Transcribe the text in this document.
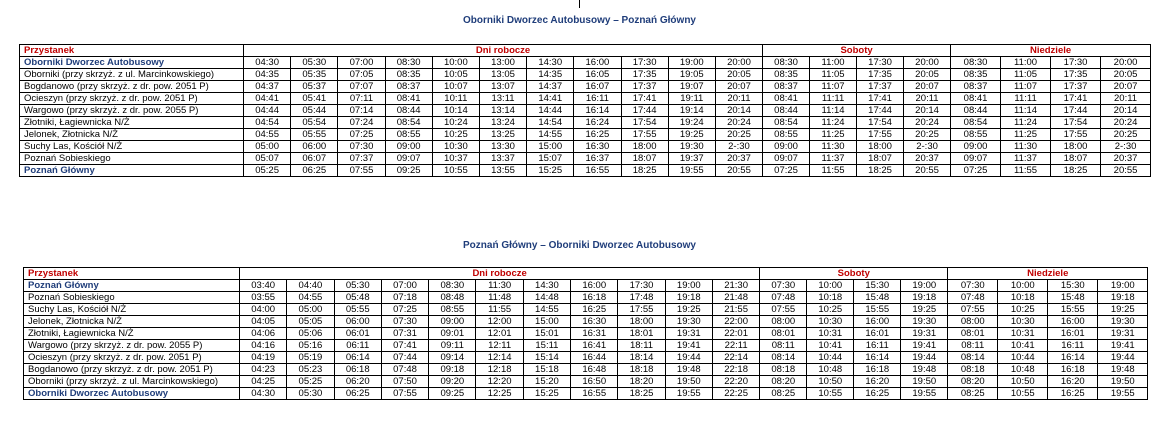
Oborniki Dworzec Autobusowy – Poznań Główny
Przystanek	Dni robocze											Soboty				Niedziele			
Oborniki Dworzec Autobusowy	04:30	05:30	07:00	08:30	10:00	13:00	14:30	16:00	17:30	19:00	20:00	08:30	11:00	17:30	20:00	08:30	11:00	17:30	20:00
Oborniki (przy skrzyż. z ul. Marcinkowskiego)	04:35	05:35	07:05	08:35	10:05	13:05	14:35	16:05	17:35	19:05	20:05	08:35	11:05	17:35	20:05	08:35	11:05	17:35	20:05
Bogdanowo (przy skrzyż. z dr. pow. 2051 P)	04:37	05:37	07:07	08:37	10:07	13:07	14:37	16:07	17:37	19:07	20:07	08:37	11:07	17:37	20:07	08:37	11:07	17:37	20:07
Ocieszyn (przy skrzyż. z dr. pow. 2051 P)	04:41	05:41	07:11	08:41	10:11	13:11	14:41	16:11	17:41	19:11	20:11	08:41	11:11	17:41	20:11	08:41	11:11	17:41	20:11
Wargowo (przy skrzyż. z dr. pow. 2055 P)	04:44	05:44	07:14	08:44	10:14	13:14	14:44	16:14	17:44	19:14	20:14	08:44	11:14	17:44	20:14	08:44	11:14	17:44	20:14
Złotniki, Łagiewnicka N/Ż	04:54	05:54	07:24	08:54	10:24	13:24	14:54	16:24	17:54	19:24	20:24	08:54	11:24	17:54	20:24	08:54	11:24	17:54	20:24
Jelonek, Złotnicka N/Ż	04:55	05:55	07:25	08:55	10:25	13:25	14:55	16:25	17:55	19:25	20:25	08:55	11:25	17:55	20:25	08:55	11:25	17:55	20:25
Suchy Las, Kościół N/Ż	05:00	06:00	07:30	09:00	10:30	13:30	15:00	16:30	18:00	19:30	2-:30	09:00	11:30	18:00	2-:30	09:00	11:30	18:00	2-:30
Poznań Sobieskiego	05:07	06:07	07:37	09:07	10:37	13:37	15:07	16:37	18:07	19:37	20:37	09:07	11:37	18:07	20:37	09:07	11:37	18:07	20:37
Poznań Główny	05:25	06:25	07:55	09:25	10:55	13:55	15:25	16:55	18:25	19:55	20:55	07:25	11:55	18:25	20:55	07:25	11:55	18:25	20:55
Poznań Główny – Oborniki Dworzec Autobusowy
Przystanek	Dni robocze											Soboty				Niedziele			
Poznań Główny	03:40	04:40	05:30	07:00	08:30	11:30	14:30	16:00	17:30	19:00	21:30	07:30	10:00	15:30	19:00	07:30	10:00	15:30	19:00
Poznań Sobieskiego	03:55	04:55	05:48	07:18	08:48	11:48	14:48	16:18	17:48	19:18	21:48	07:48	10:18	15:48	19:18	07:48	10:18	15:48	19:18
Suchy Las, Kościół N/Ż	04:00	05:00	05:55	07:25	08:55	11:55	14:55	16:25	17:55	19:25	21:55	07:55	10:25	15:55	19:25	07:55	10:25	15:55	19:25
Jelonek, Złotnicka N/Ż	04:05	05:05	06:00	07:30	09:00	12:00	15:00	16:30	18:00	19:30	22:00	08:00	10:30	16:00	19:30	08:00	10:30	16:00	19:30
Złotniki, Łagiewnicka N/Ż	04:06	05:06	06:01	07:31	09:01	12:01	15:01	16:31	18:01	19:31	22:01	08:01	10:31	16:01	19:31	08:01	10:31	16:01	19:31
Wargowo (przy skrzyż. z dr. pow. 2055 P)	04:16	05:16	06:11	07:41	09:11	12:11	15:11	16:41	18:11	19:41	22:11	08:11	10:41	16:11	19:41	08:11	10:41	16:11	19:41
Ocieszyn (przy skrzyż. z dr. pow. 2051 P)	04:19	05:19	06:14	07:44	09:14	12:14	15:14	16:44	18:14	19:44	22:14	08:14	10:44	16:14	19:44	08:14	10:44	16:14	19:44
Bogdanowo (przy skrzyż. z dr. pow. 2051 P)	04:23	05:23	06:18	07:48	09:18	12:18	15:18	16:48	18:18	19:48	22:18	08:18	10:48	16:18	19:48	08:18	10:48	16:18	19:48
Oborniki (przy skrzyż. z ul. Marcinkowskiego)	04:25	05:25	06:20	07:50	09:20	12:20	15:20	16:50	18:20	19:50	22:20	08:20	10:50	16:20	19:50	08:20	10:50	16:20	19:50
Oborniki Dworzec Autobusowy	04:30	05:30	06:25	07:55	09:25	12:25	15:25	16:55	18:25	19:55	22:25	08:25	10:55	16:25	19:55	08:25	10:55	16:25	19:55
